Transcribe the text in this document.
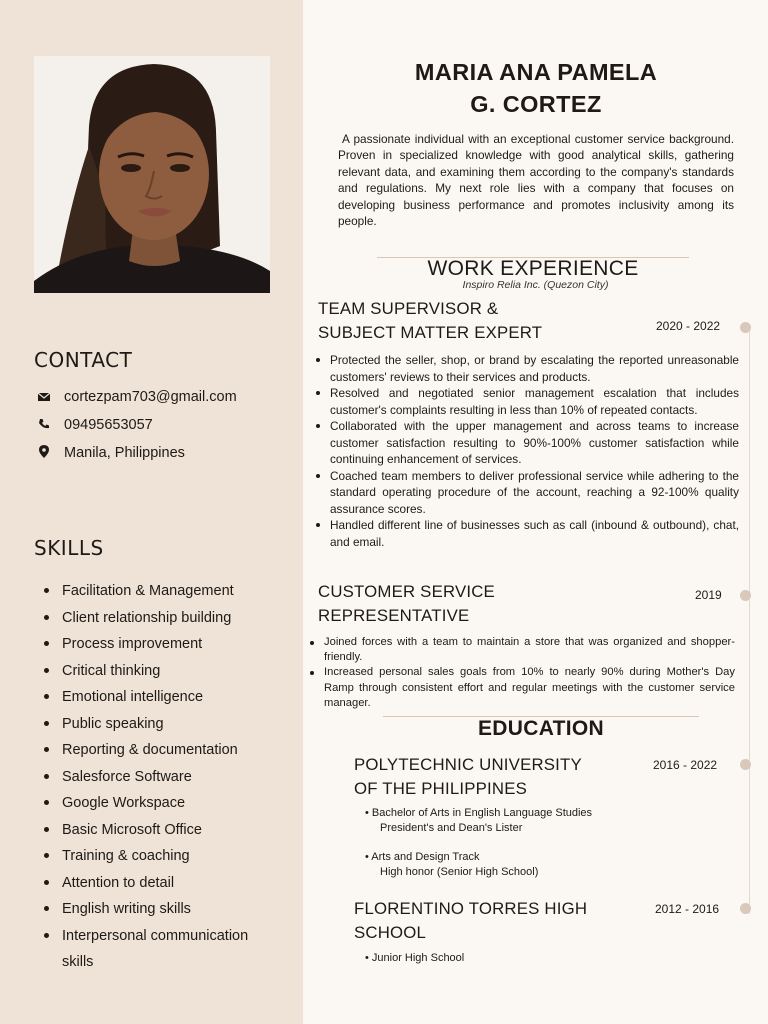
CONTACT
cortezpam703@gmail.com
09495653057
Manila, Philippines
SKILLS
Facilitation & Management
Client relationship building
Process improvement
Critical thinking
Emotional intelligence
Public speaking
Reporting & documentation
Salesforce Software
Google Workspace
Basic Microsoft Office
Training & coaching
Attention to detail
English writing skills
Interpersonal communication
skills
MARIA ANA PAMELA
G. CORTEZ

A passionate individual with an exceptional customer service background. Proven in specialized knowledge with good analytical skills, gathering relevant data, and examining them according to the company's standards and regulations. My next role lies with a company that focuses on developing business performance and promotes inclusivity among its people.

WORK EXPERIENCE
Inspiro Relia Inc. (Quezon City)
TEAM SUPERVISOR &
SUBJECT MATTER EXPERT	2020 - 2022
Protected the seller, shop, or brand by escalating the reported unreasonable customers' reviews to their services and products.
Resolved and negotiated senior management escalation that includes customer's complaints resulting in less than 10% of repeated contacts.
Collaborated with the upper management and across teams to increase customer satisfaction resulting to 90%-100% customer satisfaction while continuing enhancement of services.
Coached team members to deliver professional service while adhering to the standard operating procedure of the account, reaching a 92-100% quality assurance scores.
Handled different line of businesses such as call (inbound & outbound), chat, and email.
CUSTOMER SERVICE
REPRESENTATIVE
2019
Joined forces with a team to maintain a store that was organized and shopper-friendly.
Increased personal sales goals from 10% to nearly 90% during Mother's Day Ramp through consistent effort and regular meetings with the customer service manager.
EDUCATION
POLYTECHNIC UNIVERSITY
OF THE PHILIPPINES
2016 - 2022
• Bachelor of Arts in English Language Studies
President's and Dean's Lister
• Arts and Design Track
High honor (Senior High School)
FLORENTINO TORRES HIGH
SCHOOL
2012 - 2016
• Junior High School
